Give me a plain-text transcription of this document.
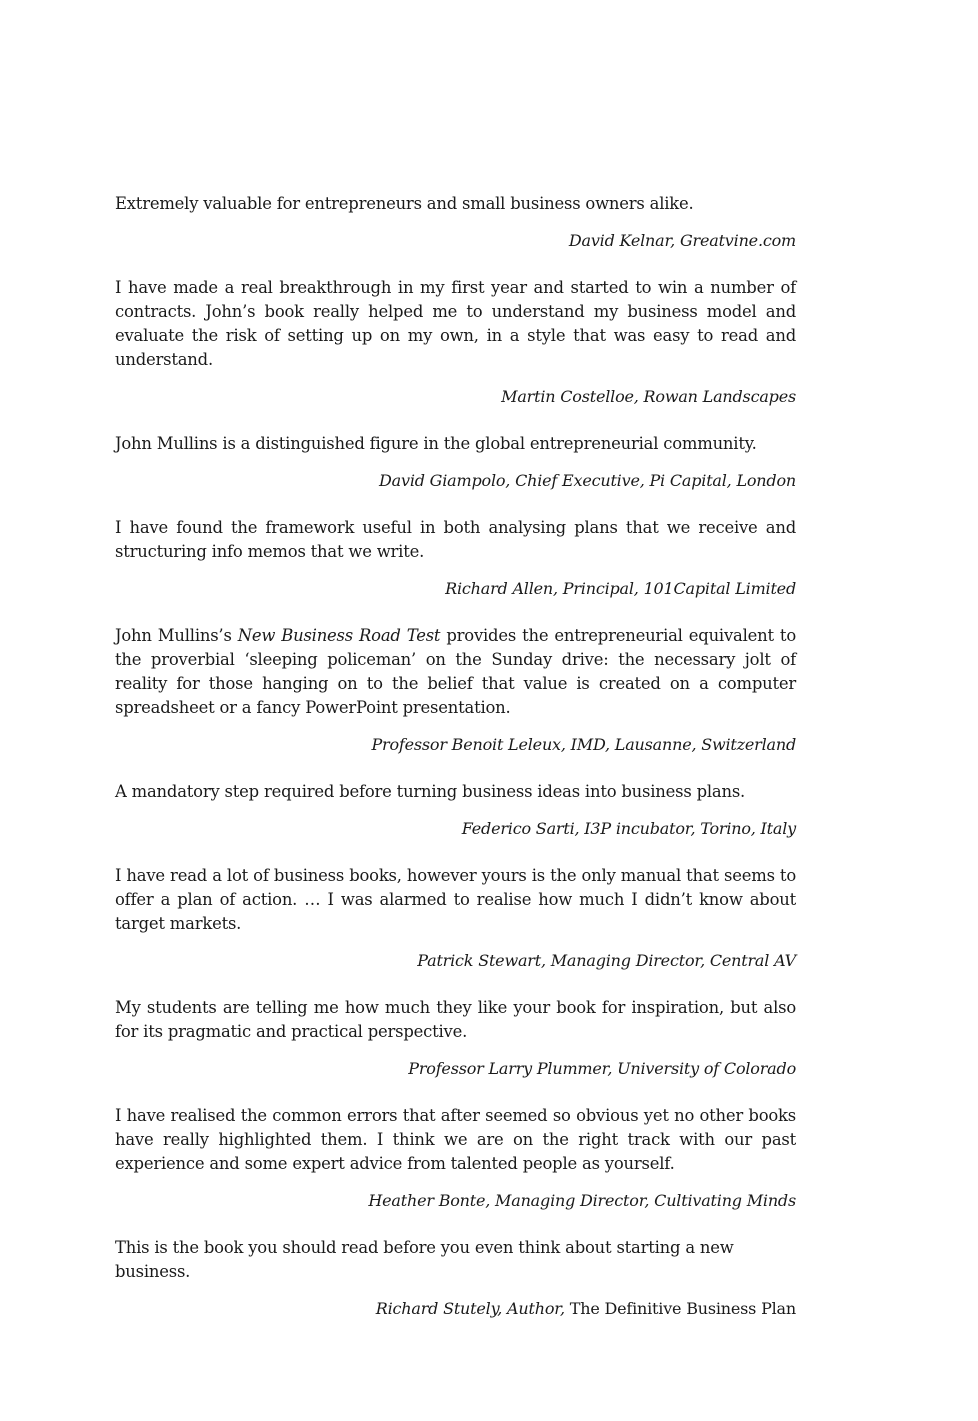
Extremely valuable for entrepreneurs and small business owners alike.

David Kelnar, Greatvine.com

I have made a real breakthrough in my first year and started to win a number of contracts. John’s book really helped me to understand my business model and evaluate the risk of setting up on my own, in a style that was easy to read and understand.

Martin Costelloe, Rowan Landscapes

John Mullins is a distinguished figure in the global entrepreneurial community.

David Giampolo, Chief Executive, Pi Capital, London

I have found the framework useful in both analysing plans that we receive and structuring info memos that we write.

Richard Allen, Principal, 101Capital Limited

John Mullins’s New Business Road Test provides the entrepreneurial equivalent to the proverbial ‘sleeping policeman’ on the Sunday drive: the necessary jolt of reality for those hanging on to the belief that value is created on a computer spreadsheet or a fancy PowerPoint presentation.

Professor Benoit Leleux, IMD, Lausanne, Switzerland

A mandatory step required before turning business ideas into business plans.

Federico Sarti, I3P incubator, Torino, Italy

I have read a lot of business books, however yours is the only manual that seems to offer a plan of action. … I was alarmed to realise how much I didn’t know about target markets.

Patrick Stewart, Managing Director, Central AV

My students are telling me how much they like your book for inspiration, but also for its pragmatic and practical perspective.

Professor Larry Plummer, University of Colorado

I have realised the common errors that after seemed so obvious yet no other books have really highlighted them. I think we are on the right track with our past experience and some expert advice from talented people as yourself.

Heather Bonte, Managing Director, Cultivating Minds

This is the book you should read before you even think about starting a new business.

Richard Stutely, Author, The Definitive Business Plan
